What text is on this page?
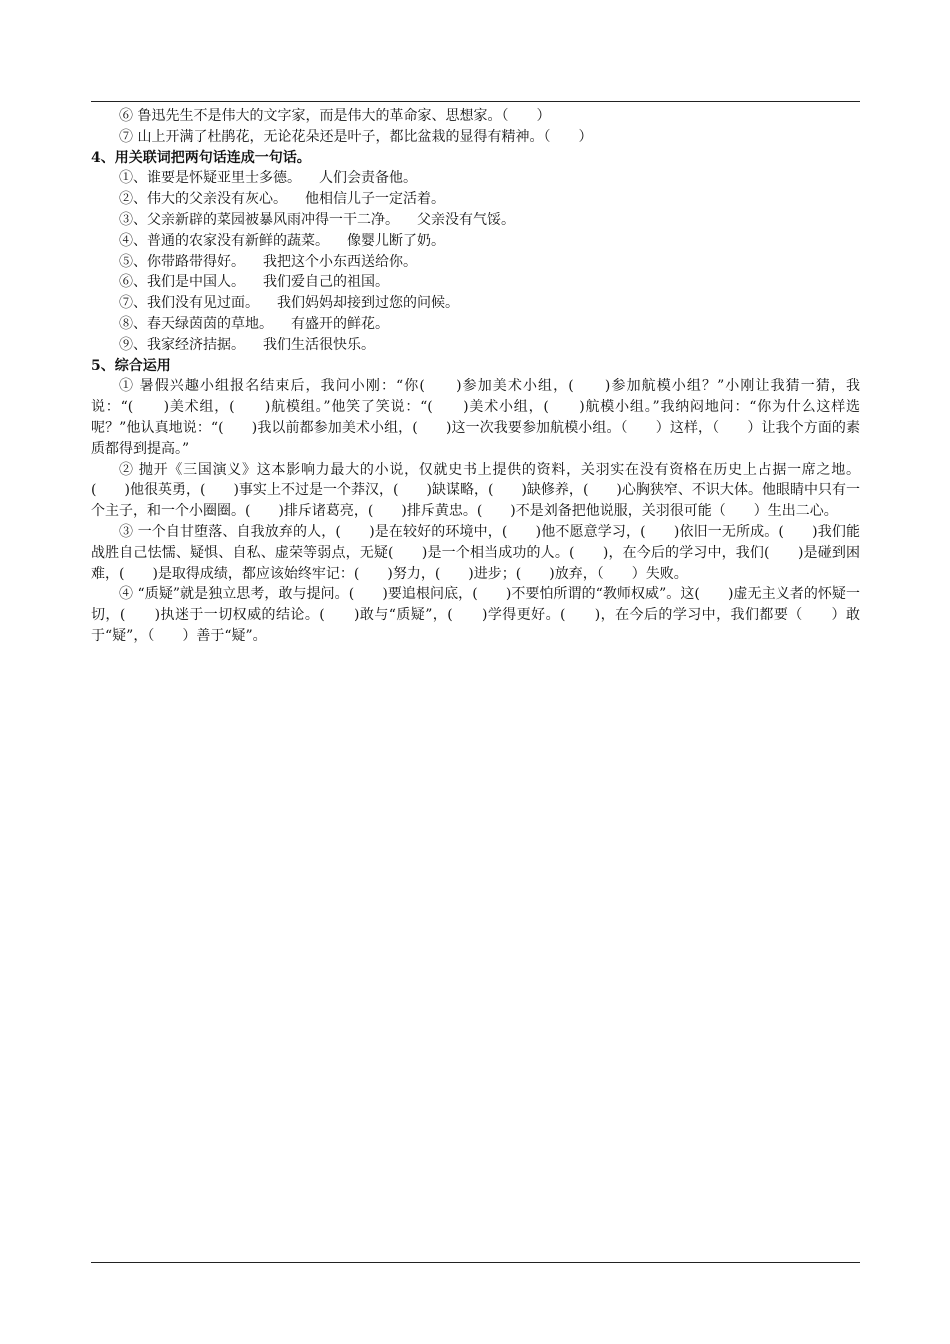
⑥ 鲁迅先生不是伟大的文字家，而是伟大的革命家、思想家。（　　）
⑦ 山上开满了杜鹃花，无论花朵还是叶子，都比盆栽的显得有精神。（　　）
4、用关联词把两句话连成一句话。
①、谁要是怀疑亚里士多德。 人们会责备他。
②、伟大的父亲没有灰心。 他相信儿子一定活着。
③、父亲新辟的菜园被暴风雨冲得一干二净。 父亲没有气馁。
④、普通的农家没有新鲜的蔬菜。 像婴儿断了奶。
⑤、你带路带得好。 我把这个小东西送给你。
⑥、我们是中国人。 我们爱自己的祖国。
⑦、我们没有见过面。 我们妈妈却接到过您的问候。
⑧、春天绿茵茵的草地。 有盛开的鲜花。
⑨、我家经济拮据。 我们生活很快乐。
5、综合运用
① 暑假兴趣小组报名结束后，我问小刚：“你(　　)参加美术小组，(　　)参加航模小组？”小刚让我猜一猜，我说：“(　　)美术组，(　　)航模组。”他笑了笑说：“(　　)美术小组，(　　)航模小组。”我纳闷地问：“你为什么这样选呢？”他认真地说：“(　　)我以前都参加美术小组，(　　)这一次我要参加航模小组。（　　）这样，（　　）让我个方面的素质都得到提高。”
② 抛开《三国演义》这本影响力最大的小说，仅就史书上提供的资料，关羽实在没有资格在历史上占据一席之地。(　　)他很英勇，(　　)事实上不过是一个莽汉，(　　)缺谋略，(　　)缺修养，(　　)心胸狭窄、不识大体。他眼睛中只有一个主子，和一个小圈圈。(　　)排斥诸葛亮，(　　)排斥黄忠。(　　)不是刘备把他说服，关羽很可能（　　）生出二心。
③ 一个自甘堕落、自我放弃的人，(　　)是在较好的环境中，(　　)他不愿意学习，(　　)依旧一无所成。(　　)我们能战胜自己怯懦、疑惧、自私、虚荣等弱点，无疑(　　)是一个相当成功的人。(　　)，在今后的学习中，我们(　　)是碰到困难，(　　)是取得成绩，都应该始终牢记：(　　)努力，(　　)进步；(　　)放弃，（　　）失败。
④ “质疑”就是独立思考，敢与提问。(　　)要追根问底，(　　)不要怕所谓的“教师权威”。这(　　)虚无主义者的怀疑一切，(　　)执迷于一切权威的结论。(　　)敢与“质疑”，(　　)学得更好。(　　)，在今后的学习中，我们都要（　　）敢于“疑”，（　　）善于“疑”。
